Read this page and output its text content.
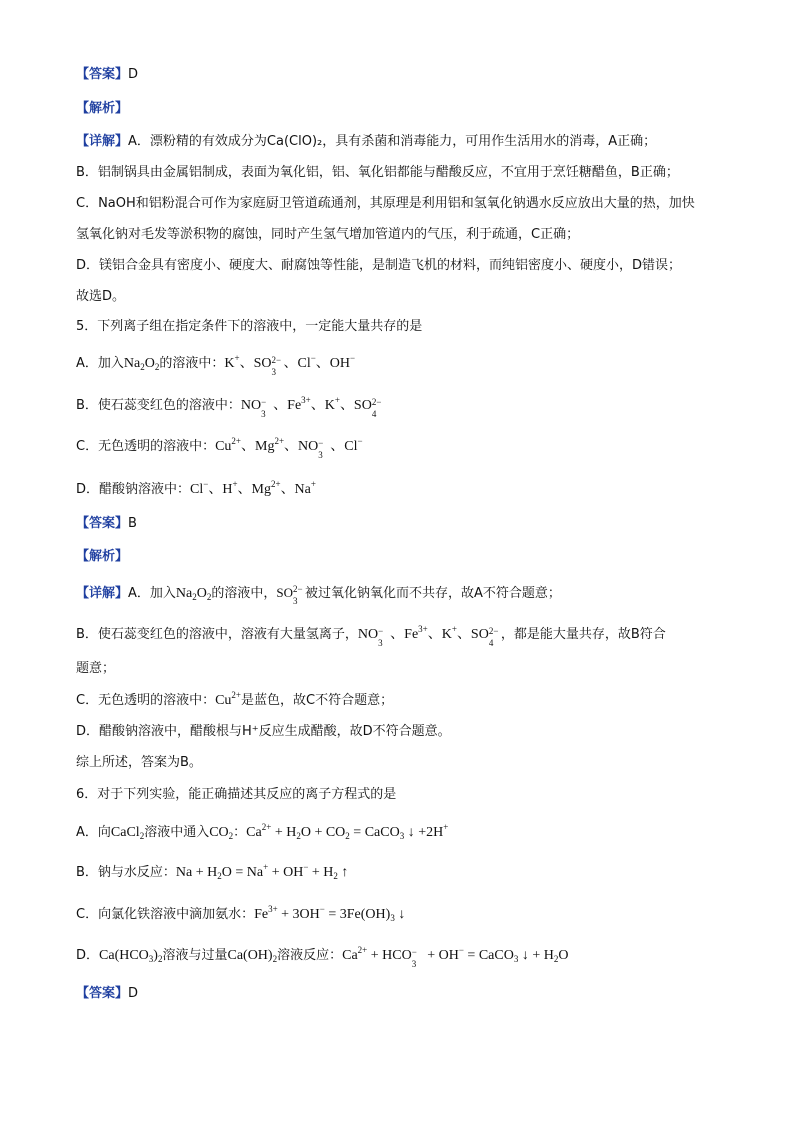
【答案】D
【解析】
【详解】A．漂粉精的有效成分为Ca(ClO)₂，具有杀菌和消毒能力，可用作生活用水的消毒，A正确；
B．铝制锅具由金属铝制成，表面为氧化铝，铝、氧化铝都能与醋酸反应，不宜用于烹饪糖醋鱼，B正确；
C．NaOH和铝粉混合可作为家庭厨卫管道疏通剂，其原理是利用铝和氢氧化钠遇水反应放出大量的热，加快
氢氧化钠对毛发等淤积物的腐蚀，同时产生氢气增加管道内的气压，利于疏通，C正确；
D．镁铝合金具有密度小、硬度大、耐腐蚀等性能，是制造飞机的材料，而纯铝密度小、硬度小，D错误；
故选D。
5．下列离子组在指定条件下的溶液中，一定能大量共存的是
A．加入$Na_2O_2$的溶液中：K+、SO 2−
3
、Cl−、OH−
B．使石蕊变红色的溶液中：NO −
3
、$Fe^{3+}$、K+、SO 2−
4
C．无色透明的溶液中：$Cu^{2+}$、$Mg^{2+}$、NO −
3
、Cl−
D．醋酸钠溶液中：Cl−、H+、$Mg^{2+}$、Na+
【答案】B
【解析】
【详解】A．加入$Na_2O_2$的溶液中，SO 2−
3 被过氧化钠氧化而不共存，故A不符合题意；
B．使石蕊变红色的溶液中，溶液有大量氢离子，NO −
3
、$Fe^{3+}$、K+、SO 2−
4
，都是能大量共存，故B符合
题意；
C．无色透明的溶液中：$Cu^{2+}$是蓝色，故C不符合题意；
D．醋酸钠溶液中，醋酸根与H⁺反应生成醋酸，故D不符合题意。
综上所述，答案为B。
6．对于下列实验，能正确描述其反应的离子方程式的是
A．向CaCl$_2$溶液中通入$CO_2$：$Ca^{2+} + H_2O + CO_2$ = CaCO$_3$ ↓ +2H+
B．钠与水反应：$Na + H_2O = Na^+ + OH^- + H_2$ ↑
C．向氯化铁溶液中滴加氨水：$Fe^{3+} + 3OH^- = 3Fe(OH)_3$ ↓
D．$Ca(HCO_3)_2$溶液与过量$Ca(OH)_2$溶液反应：$Ca^{2+}$ + HCO −
3
+ OH− = CaCO$_3$ ↓ + $H_2O$
【答案】D
